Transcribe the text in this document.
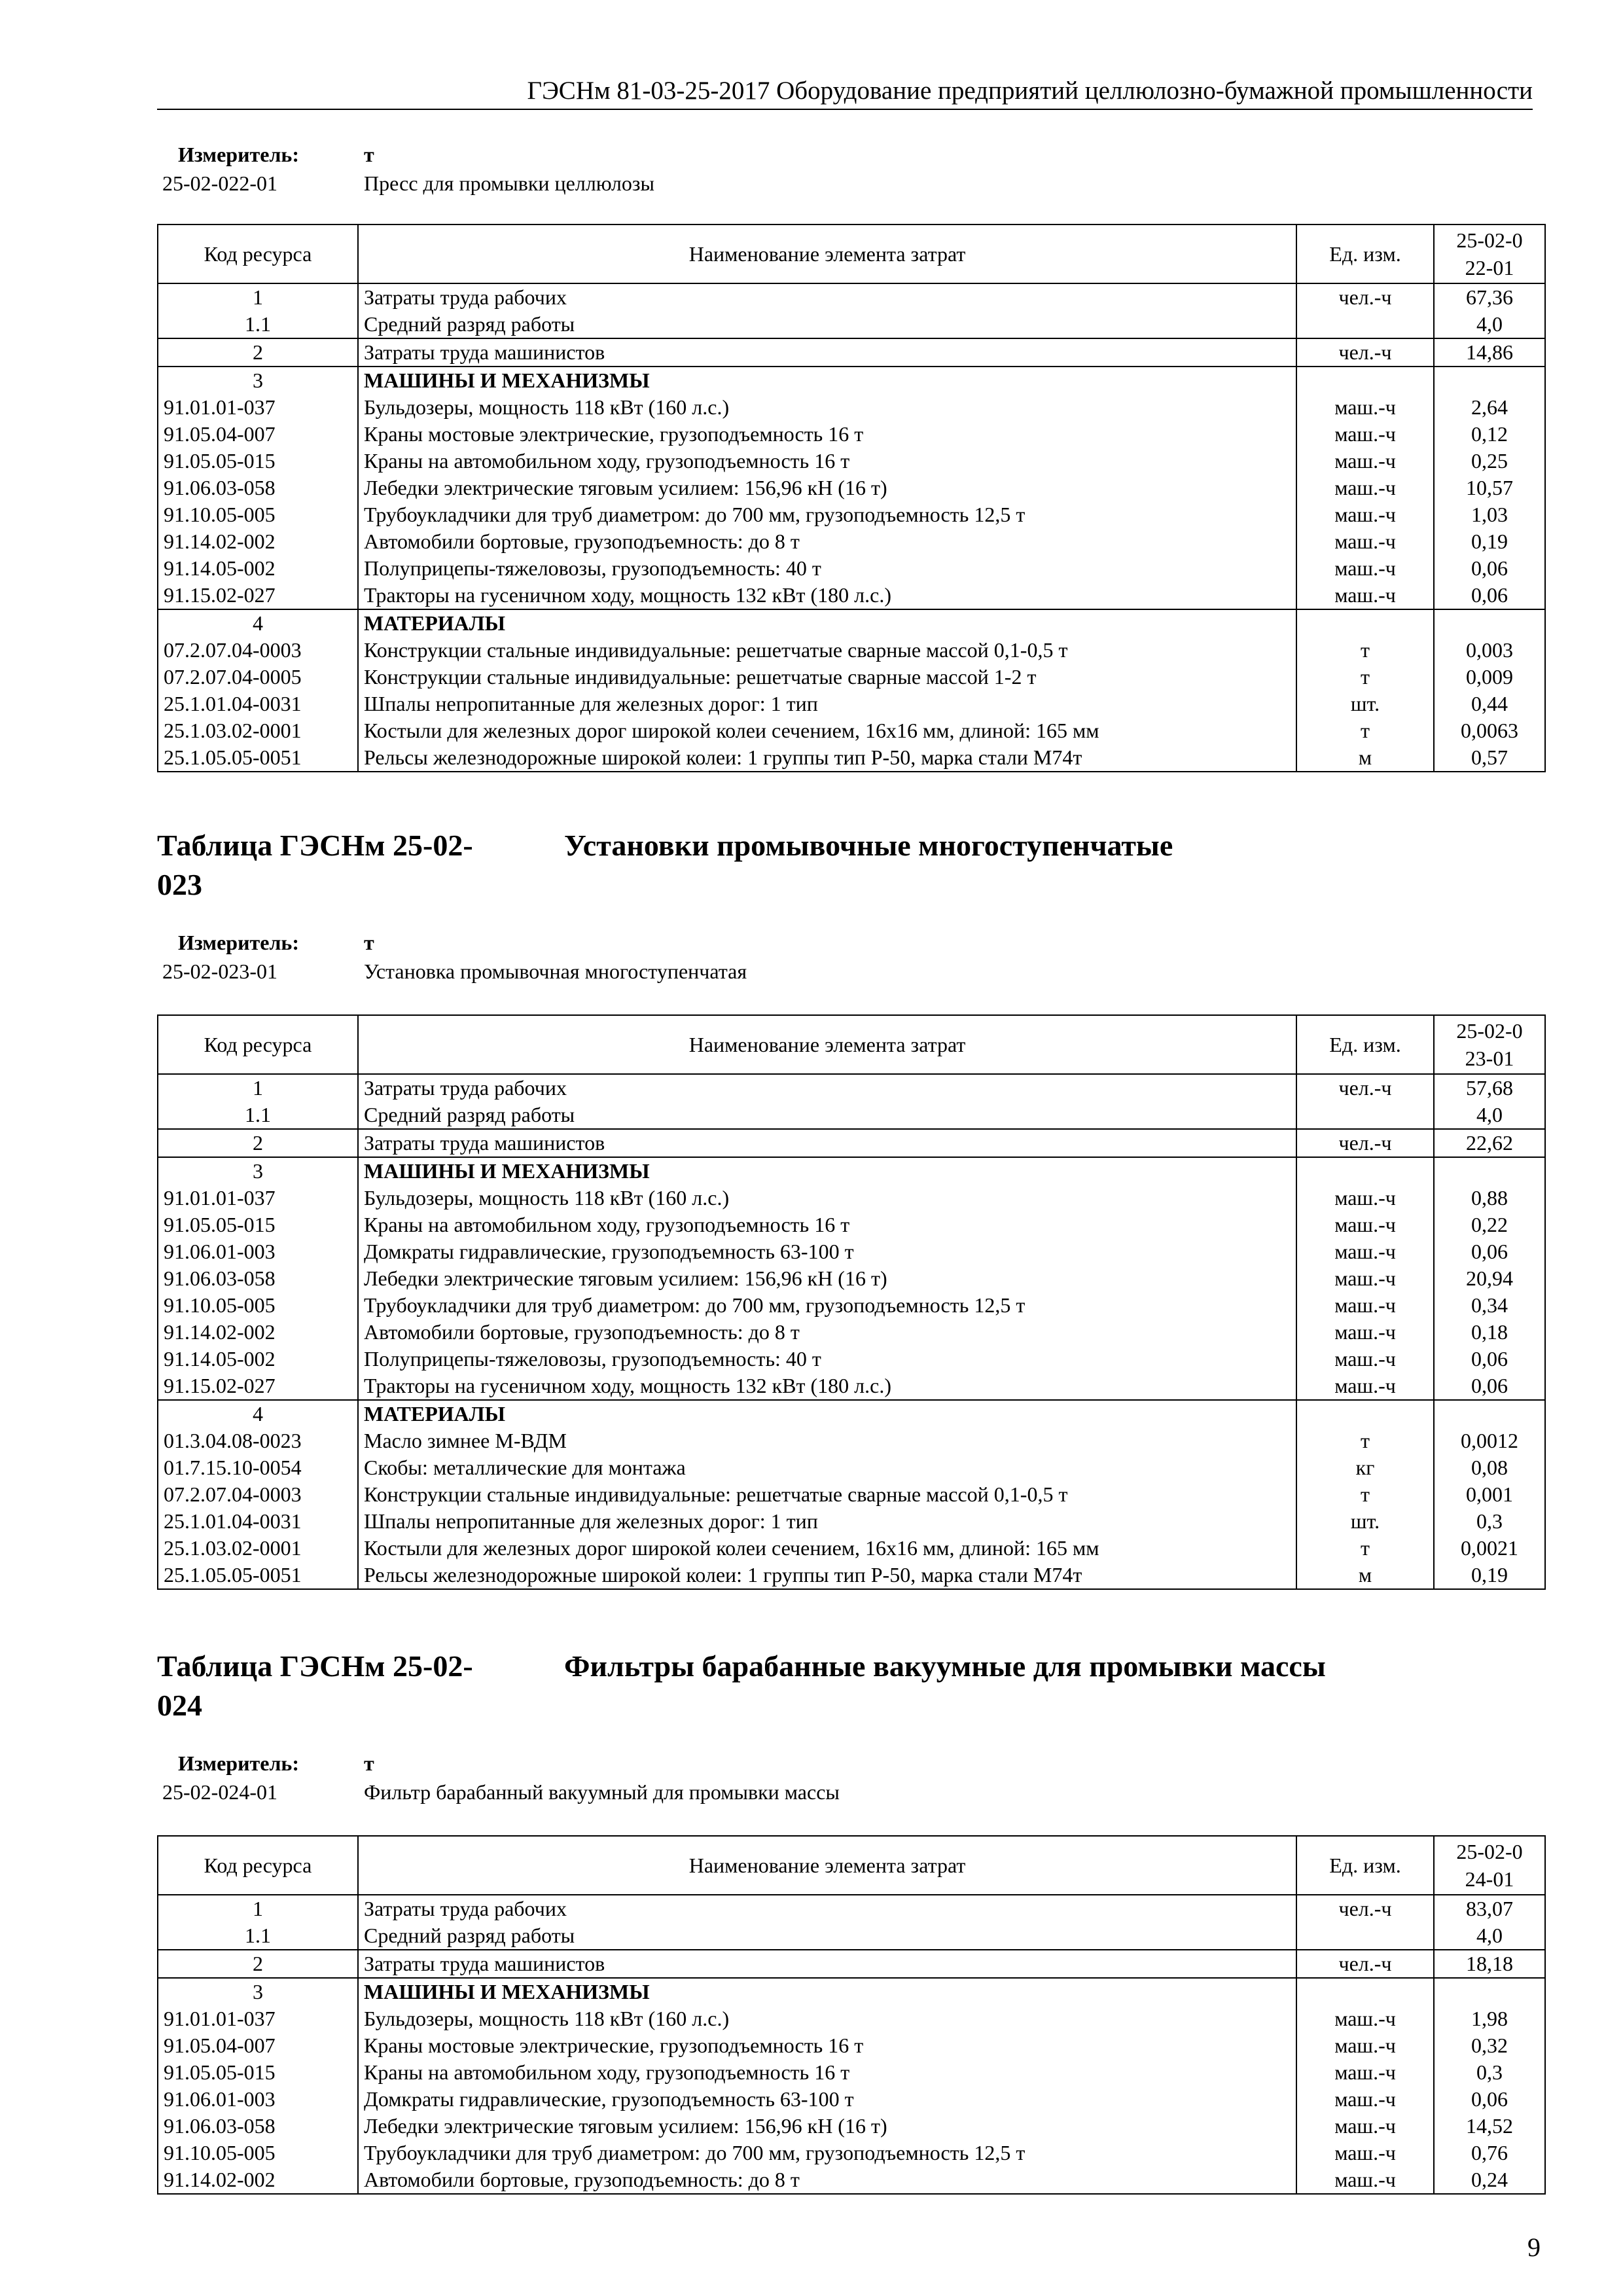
ГЭСНм 81-03-25-2017 Оборудование предприятий целлюлозно-бумажной промышленности
Измеритель:	т
25-02-022-01	Пресс для промывки целлюлозы
Код ресурса	Наименование элемента затрат	Ед. изм.	25-02-022-01
1	Затраты труда рабочих	чел.-ч	67,36
1.1	Средний разряд работы		4,0
2	Затраты труда машинистов	чел.-ч	14,86
3	МАШИНЫ И МЕХАНИЗМЫ		
91.01.01-037	Бульдозеры, мощность 118 кВт (160 л.с.)	маш.-ч	2,64
91.05.04-007	Краны мостовые электрические, грузоподъемность 16 т	маш.-ч	0,12
91.05.05-015	Краны на автомобильном ходу, грузоподъемность 16 т	маш.-ч	0,25
91.06.03-058	Лебедки электрические тяговым усилием: 156,96 кН (16 т)	маш.-ч	10,57
91.10.05-005	Трубоукладчики для труб диаметром: до 700 мм, грузоподъемность 12,5 т	маш.-ч	1,03
91.14.02-002	Автомобили бортовые, грузоподъемность: до 8 т	маш.-ч	0,19
91.14.05-002	Полуприцепы-тяжеловозы, грузоподъемность: 40 т	маш.-ч	0,06
91.15.02-027	Тракторы на гусеничном ходу, мощность 132 кВт (180 л.с.)	маш.-ч	0,06
4	МАТЕРИАЛЫ		
07.2.07.04-0003	Конструкции стальные индивидуальные: решетчатые сварные массой 0,1-0,5 т	т	0,003
07.2.07.04-0005	Конструкции стальные индивидуальные: решетчатые сварные массой 1-2 т	т	0,009
25.1.01.04-0031	Шпалы непропитанные для железных дорог: 1 тип	шт.	0,44
25.1.03.02-0001	Костыли для железных дорог широкой колеи сечением, 16x16 мм, длиной: 165 мм	т	0,0063
25.1.05.05-0051	Рельсы железнодорожные широкой колеи: 1 группы тип Р-50, марка стали М74т	м	0,57
Таблица ГЭСНм 25-02-	Установки промывочные многоступенчатые
023
Измеритель:	т
25-02-023-01	Установка промывочная многоступенчатая
Код ресурса	Наименование элемента затрат	Ед. изм.	25-02-023-01
1	Затраты труда рабочих	чел.-ч	57,68
1.1	Средний разряд работы		4,0
2	Затраты труда машинистов	чел.-ч	22,62
3	МАШИНЫ И МЕХАНИЗМЫ		
91.01.01-037	Бульдозеры, мощность 118 кВт (160 л.с.)	маш.-ч	0,88
91.05.05-015	Краны на автомобильном ходу, грузоподъемность 16 т	маш.-ч	0,22
91.06.01-003	Домкраты гидравлические, грузоподъемность 63-100 т	маш.-ч	0,06
91.06.03-058	Лебедки электрические тяговым усилием: 156,96 кН (16 т)	маш.-ч	20,94
91.10.05-005	Трубоукладчики для труб диаметром: до 700 мм, грузоподъемность 12,5 т	маш.-ч	0,34
91.14.02-002	Автомобили бортовые, грузоподъемность: до 8 т	маш.-ч	0,18
91.14.05-002	Полуприцепы-тяжеловозы, грузоподъемность: 40 т	маш.-ч	0,06
91.15.02-027	Тракторы на гусеничном ходу, мощность 132 кВт (180 л.с.)	маш.-ч	0,06
4	МАТЕРИАЛЫ		
01.3.04.08-0023	Масло зимнее М-ВДМ	т	0,0012
01.7.15.10-0054	Скобы: металлические для монтажа	кг	0,08
07.2.07.04-0003	Конструкции стальные индивидуальные: решетчатые сварные массой 0,1-0,5 т	т	0,001
25.1.01.04-0031	Шпалы непропитанные для железных дорог: 1 тип	шт.	0,3
25.1.03.02-0001	Костыли для железных дорог широкой колеи сечением, 16x16 мм, длиной: 165 мм	т	0,0021
25.1.05.05-0051	Рельсы железнодорожные широкой колеи: 1 группы тип Р-50, марка стали М74т	м	0,19
Таблица ГЭСНм 25-02-	Фильтры барабанные вакуумные для промывки массы
024
Измеритель:	т
25-02-024-01	Фильтр барабанный вакуумный для промывки массы
Код ресурса	Наименование элемента затрат	Ед. изм.	25-02-024-01
1	Затраты труда рабочих	чел.-ч	83,07
1.1	Средний разряд работы		4,0
2	Затраты труда машинистов	чел.-ч	18,18
3	МАШИНЫ И МЕХАНИЗМЫ		
91.01.01-037	Бульдозеры, мощность 118 кВт (160 л.с.)	маш.-ч	1,98
91.05.04-007	Краны мостовые электрические, грузоподъемность 16 т	маш.-ч	0,32
91.05.05-015	Краны на автомобильном ходу, грузоподъемность 16 т	маш.-ч	0,3
91.06.01-003	Домкраты гидравлические, грузоподъемность 63-100 т	маш.-ч	0,06
91.06.03-058	Лебедки электрические тяговым усилием: 156,96 кН (16 т)	маш.-ч	14,52
91.10.05-005	Трубоукладчики для труб диаметром: до 700 мм, грузоподъемность 12,5 т	маш.-ч	0,76
91.14.02-002	Автомобили бортовые, грузоподъемность: до 8 т	маш.-ч	0,24
9
